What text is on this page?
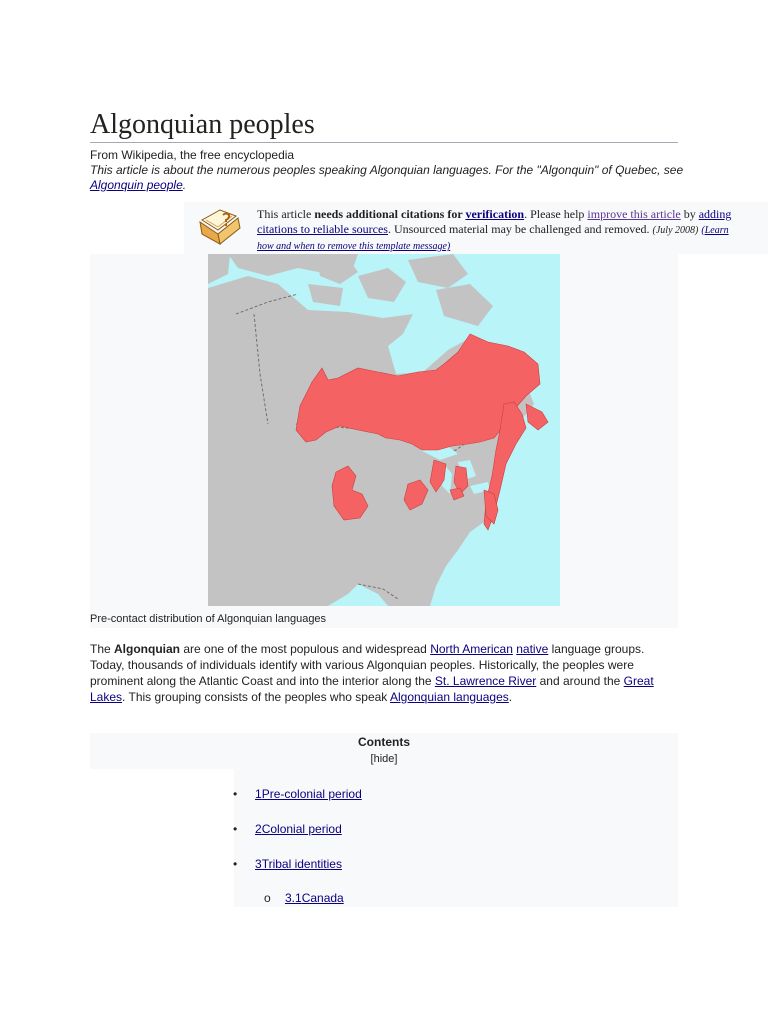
Algonquian peoples
From Wikipedia, the free encyclopedia
This article is about the numerous peoples speaking Algonquian languages. For the "Algonquin" of Quebec, see Algonquin people.
This article needs additional citations for verification. Please help improve this article by adding citations to reliable sources. Unsourced material may be challenged and removed. (July 2008) (Learn how and when to remove this template message)
Pre-contact distribution of Algonquian languages

The Algonquian are one of the most populous and widespread North American native language groups. Today, thousands of individuals identify with various Algonquian peoples. Historically, the peoples were prominent along the Atlantic Coast and into the interior along the St. Lawrence River and around the Great Lakes. This grouping consists of the peoples who speak Algonquian languages.

Contents
[hide]
• 1Pre-colonial period
• 2Colonial period
• 3Tribal identities
o 3.1Canada
